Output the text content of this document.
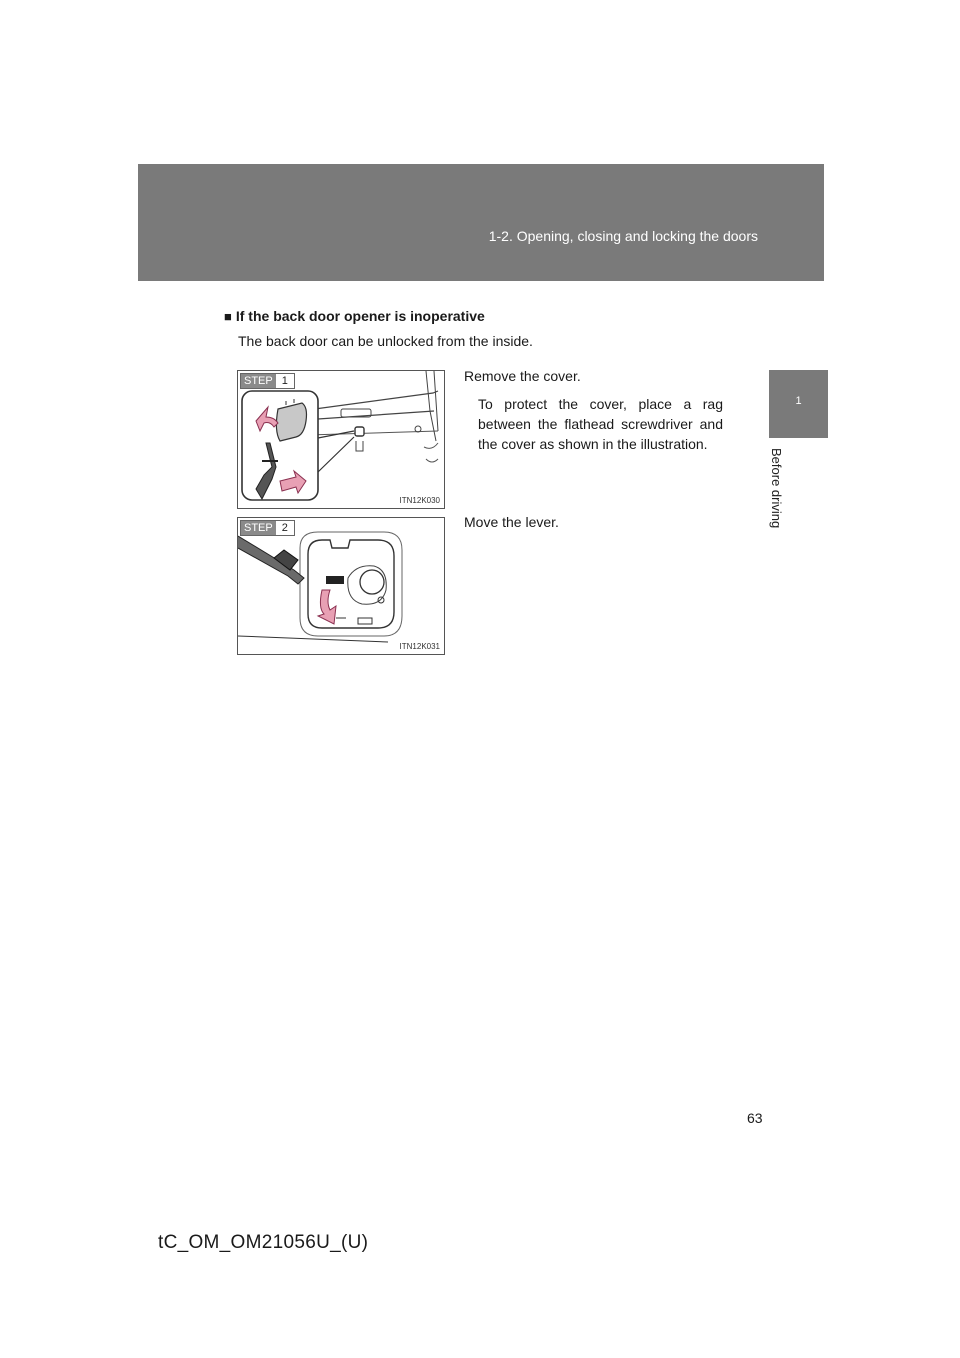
1-2. Opening, closing and locking the doors
1
Before driving
■ If the back door opener is inoperative
The back door can be unlocked from the inside.
STEP 1
ITN12K030
STEP 2
ITN12K031
Remove the cover.
To protect the cover, place a rag between the flathead screwdriver and the cover as shown in the illustration.
Move the lever.
63
tC_OM_OM21056U_(U)
